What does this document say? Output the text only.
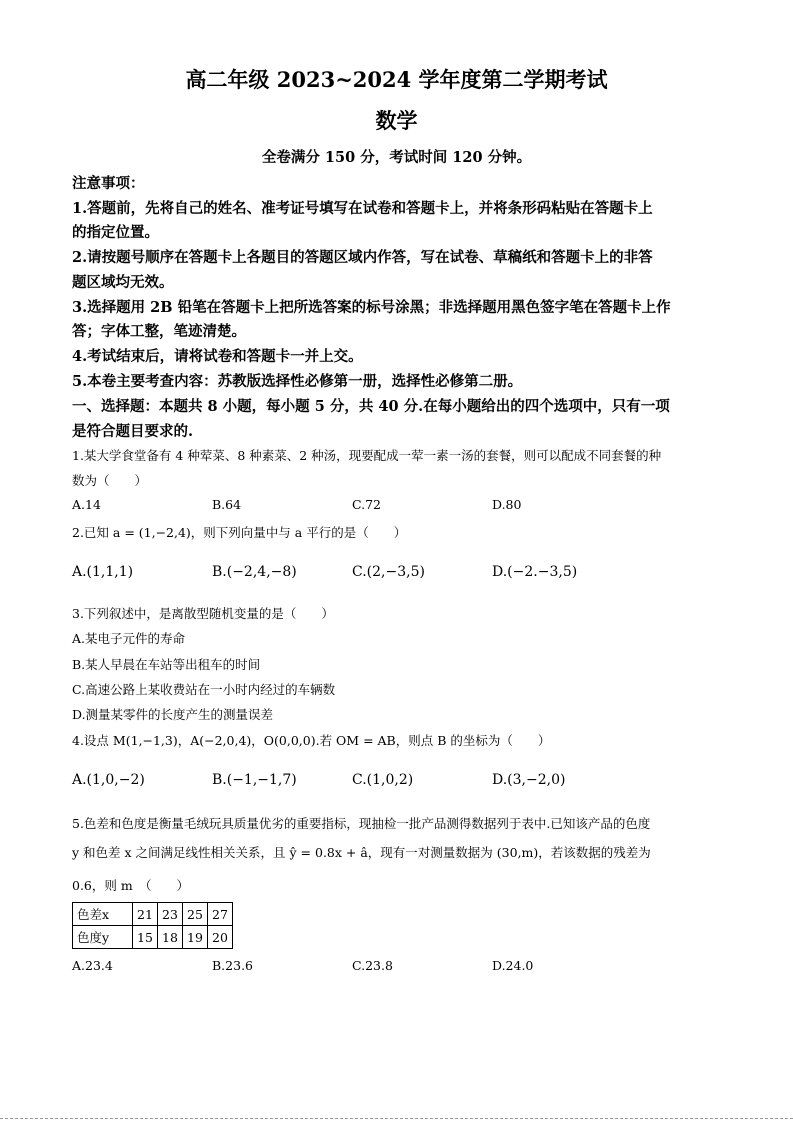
高二年级 2023~2024 学年度第二学期考试
数学
全卷满分 150 分，考试时间 120 分钟。
注意事项：
1.答题前，先将自己的姓名、准考证号填写在试卷和答题卡上，并将条形码粘贴在答题卡上
的指定位置。
2.请按题号顺序在答题卡上各题目的答题区域内作答，写在试卷、草稿纸和答题卡上的非答
题区域均无效。
3.选择题用 2B 铅笔在答题卡上把所选答案的标号涂黑；非选择题用黑色签字笔在答题卡上作
答；字体工整，笔迹清楚。
4.考试结束后，请将试卷和答题卡一并上交。
5.本卷主要考查内容：苏教版选择性必修第一册，选择性必修第二册。
一、选择题：本题共 8 小题，每小题 5 分，共 40 分.在每小题给出的四个选项中，只有一项
是符合题目要求的.
1.某大学食堂备有 4 种荤菜、8 种素菜、2 种汤，现要配成一荤一素一汤的套餐，则可以配成不同套餐的种
数为（　　）
A.14	B.64	C.72	D.80
2.已知 a = (1,−2,4)，则下列向量中与 a 平行的是（　　）
A.(1,1,1)	B.(−2,4,−8)	C.(2,−3,5)	D.(−2.−3,5)
3.下列叙述中，是离散型随机变量的是（　　）
A.某电子元件的寿命
B.某人早晨在车站等出租车的时间
C.高速公路上某收费站在一小时内经过的车辆数
D.测量某零件的长度产生的测量误差
4.设点 M(1,−1,3)，A(−2,0,4)，O(0,0,0).若 OM = AB，则点 B 的坐标为（　　）
A.(1,0,−2)	B.(−1,−1,7)	C.(1,0,2)	D.(3,−2,0)
5.色差和色度是衡量毛绒玩具质量优劣的重要指标，现抽检一批产品测得数据列于表中.已知该产品的色度
y 和色差 x 之间满足线性相关关系，且 ŷ = 0.8x + â，现有一对测量数据为 (30,m)，若该数据的残差为
0.6，则 m　（　　）
色差x	21	23	25	27
色度y	15	18	19	20
A.23.4	B.23.6	C.23.8	D.24.0
